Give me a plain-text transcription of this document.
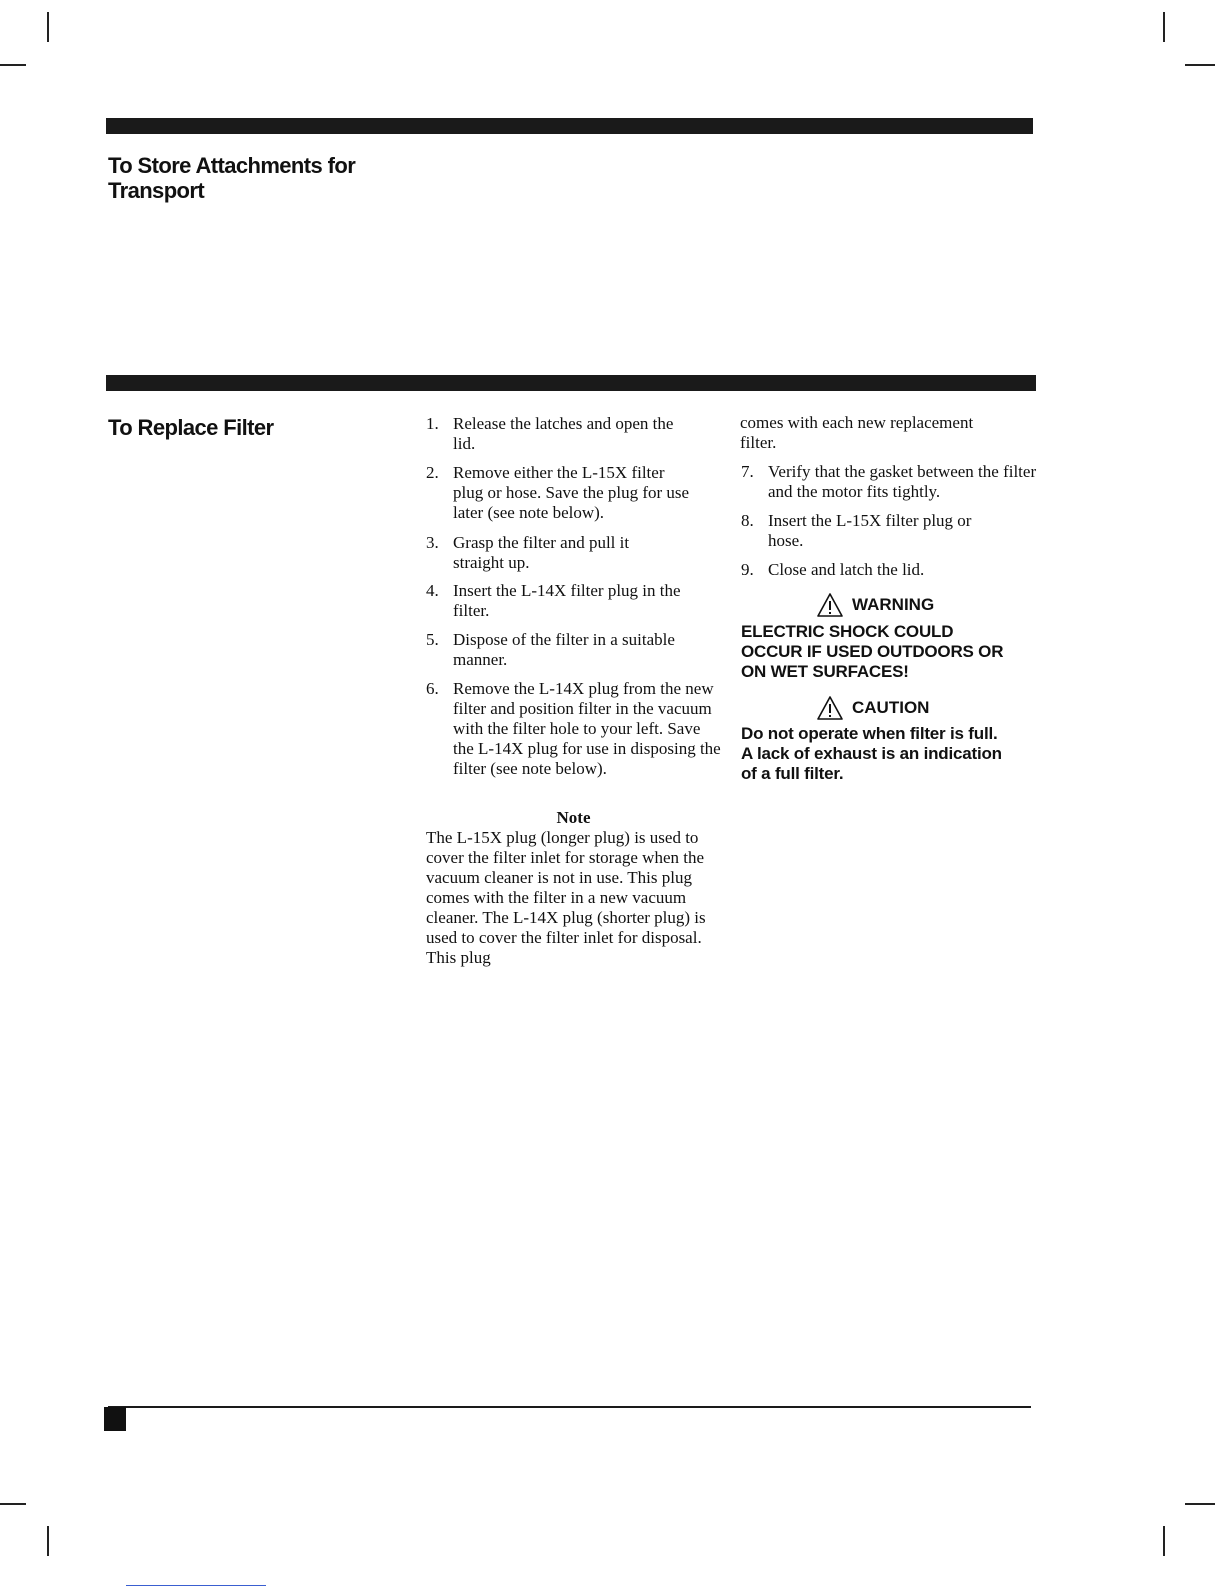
To Store Attachments for Transport
To Replace Filter	1. Release the latches and open the lid.
2. Remove either the L-15X filter plug or hose. Save the plug for use later (see note below).
3. Grasp the filter and pull it straight up.
4. Insert the L-14X filter plug in the filter.
5. Dispose of the filter in a suitable manner.
6. Remove the L-14X plug from the new filter and position filter in the vacuum with the filter hole to your left. Save the L-14X plug for use in disposing the filter (see note below).
Note
The L-15X plug (longer plug) is used to cover the filter inlet for storage when the vacuum cleaner is not in use. This plug comes with the filter in a new vacuum cleaner. The L-14X plug (shorter plug) is used to cover the filter inlet for disposal. This plug
comes with each new replacement filter.
7. Verify that the gasket between the filter and the motor fits tightly.
8. Insert the L-15X filter plug or hose.
9. Close and latch the lid.
WARNING
ELECTRIC SHOCK COULD OCCUR IF USED OUTDOORS OR ON WET SURFACES!
CAUTION
Do not operate when filter is full. A lack of exhaust is an indication of a full filter.
